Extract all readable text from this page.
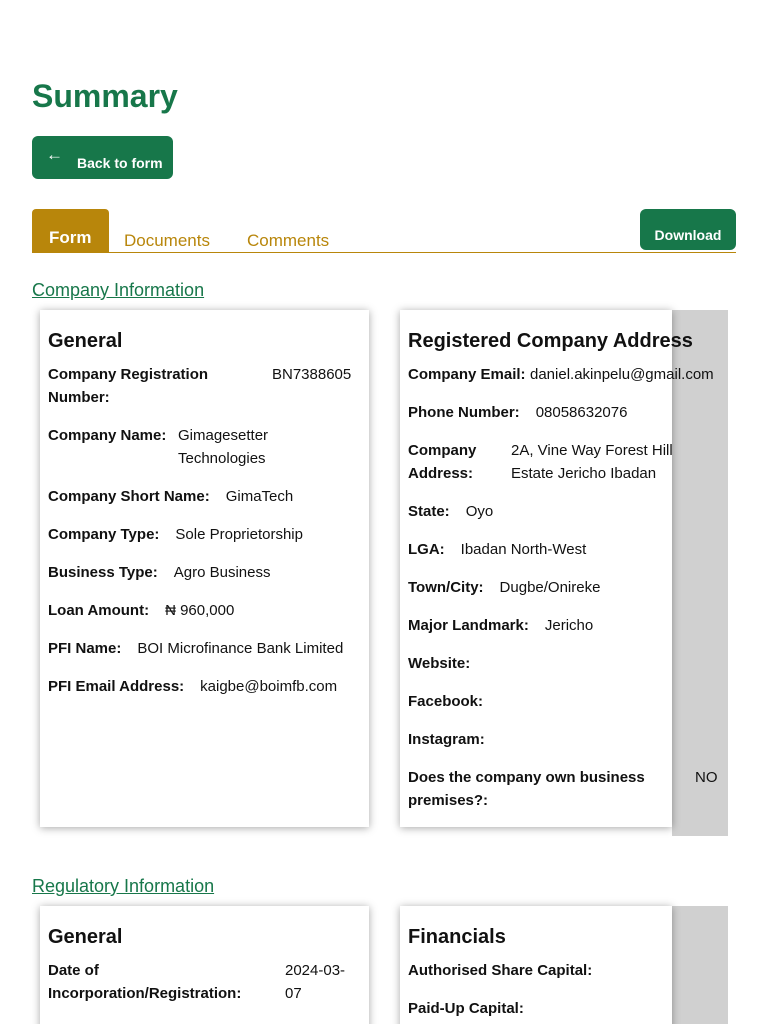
Summary
← Back to form
Form	Documents Comments	Download
Company Information
General
Company Registration Number:
BN7388605
Company Name: Gimagesetter Technologies
Company Short Name: GimaTech
Company Type: Sole Proprietorship
Business Type: Agro Business
Loan Amount: ₦ 960,000
PFI Name: BOI Microfinance Bank Limited
PFI Email Address: kaigbe@boimfb.com
Registered Company Address
Company Email: daniel.akinpelu@gmail.com
Phone Number: 08058632076
Company Address:
2A, Vine Way Forest Hill Estate Jericho Ibadan
State: Oyo
LGA: Ibadan North-West
Town/City: Dugbe/Onireke
Major Landmark: Jericho
Website:
Facebook:
Instagram:
Does the company own business premises?:
NO
Regulatory Information
General
Date of Incorporation/Registration:
2024-03-07
Financials
Authorised Share Capital:
Paid-Up Capital:
